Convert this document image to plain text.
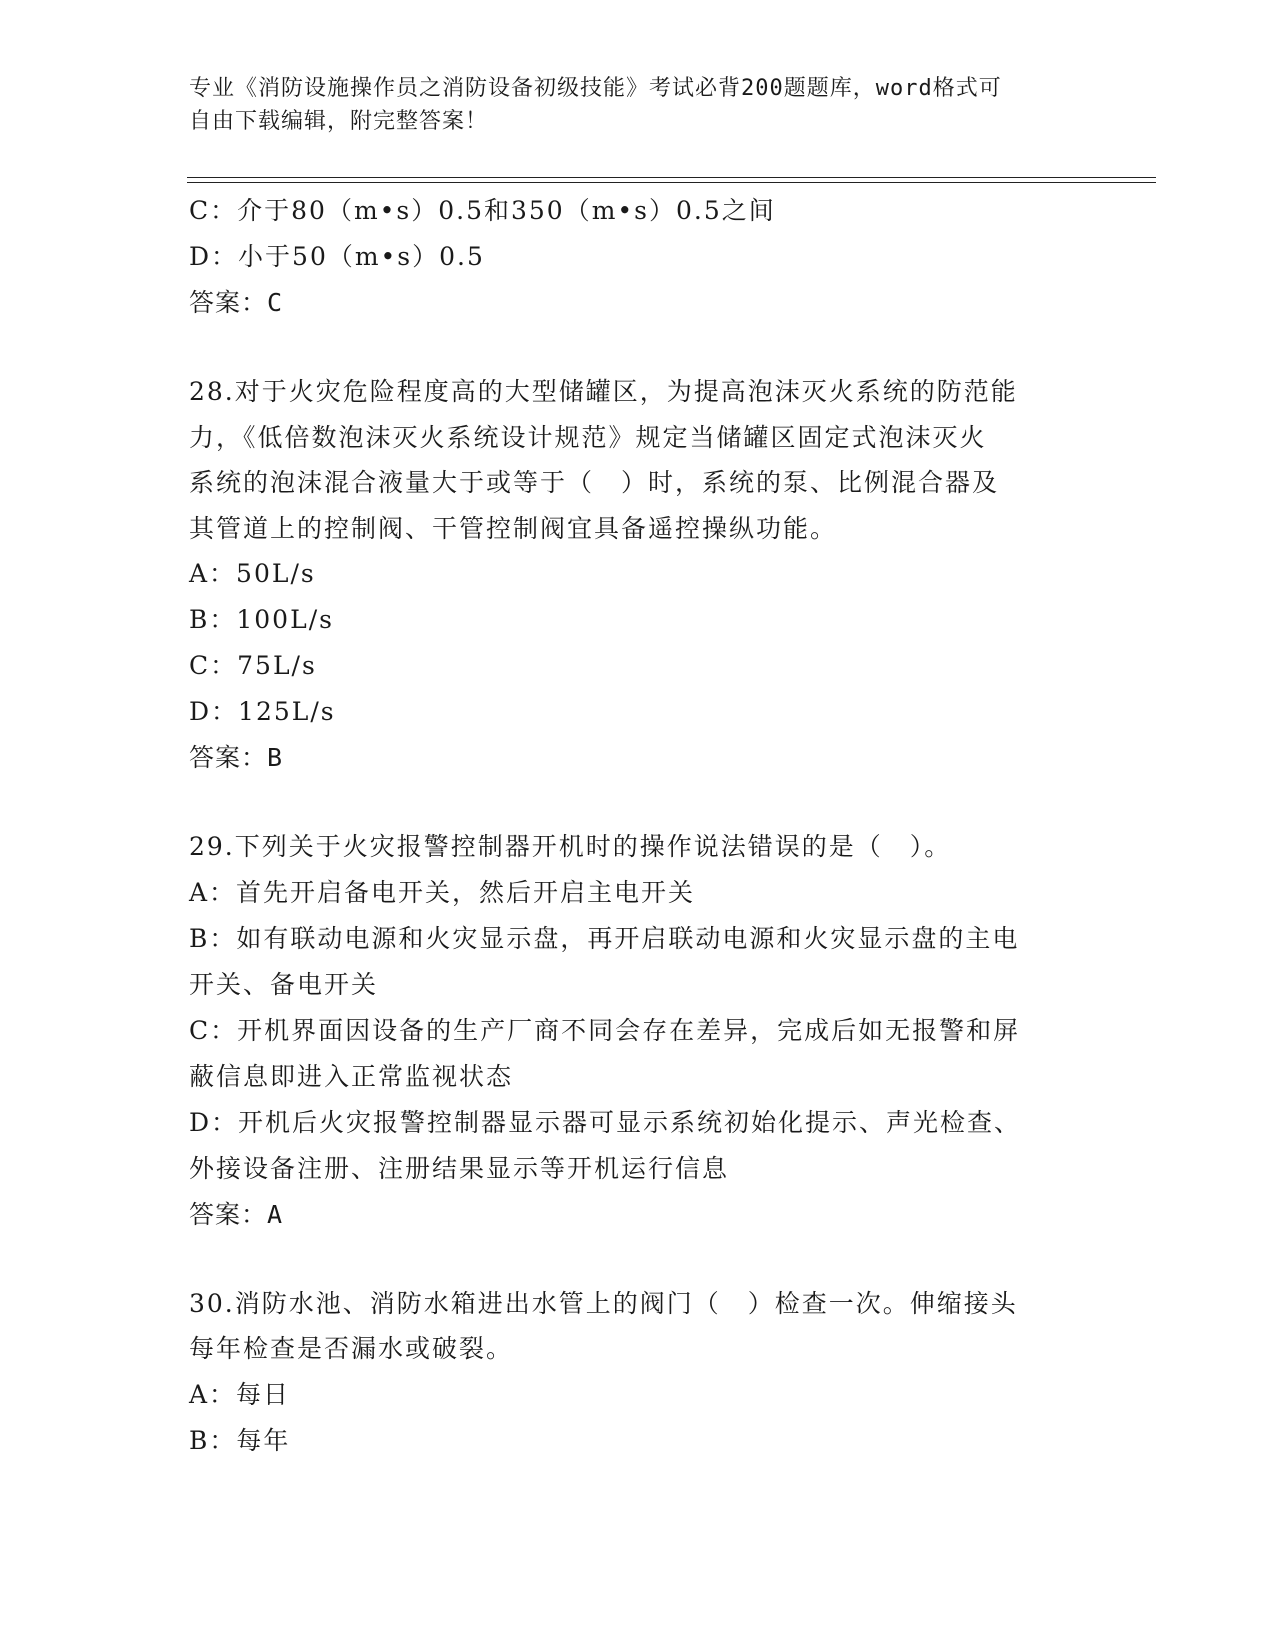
专业《消防设施操作员之消防设备初级技能》考试必背200题题库，word格式可
自由下载编辑，附完整答案！
C：介于80（m•s）0.5和350（m•s）0.5之间
D：小于50（m•s）0.5
答案：C
28.对于火灾危险程度高的大型储罐区，为提高泡沫灭火系统的防范能
力，《低倍数泡沫灭火系统设计规范》规定当储罐区固定式泡沫灭火
系统的泡沫混合液量大于或等于（　）时，系统的泵、比例混合器及
其管道上的控制阀、干管控制阀宜具备遥控操纵功能。
A：50L/s
B：100L/s
C：75L/s
D：125L/s
答案：B
29.下列关于火灾报警控制器开机时的操作说法错误的是（　）。
A：首先开启备电开关，然后开启主电开关
B：如有联动电源和火灾显示盘，再开启联动电源和火灾显示盘的主电
开关、备电开关
C：开机界面因设备的生产厂商不同会存在差异，完成后如无报警和屏
蔽信息即进入正常监视状态
D：开机后火灾报警控制器显示器可显示系统初始化提示、声光检查、
外接设备注册、注册结果显示等开机运行信息
答案：A
30.消防水池、消防水箱进出水管上的阀门（　）检查一次。伸缩接头
每年检查是否漏水或破裂。
A：每日
B：每年
